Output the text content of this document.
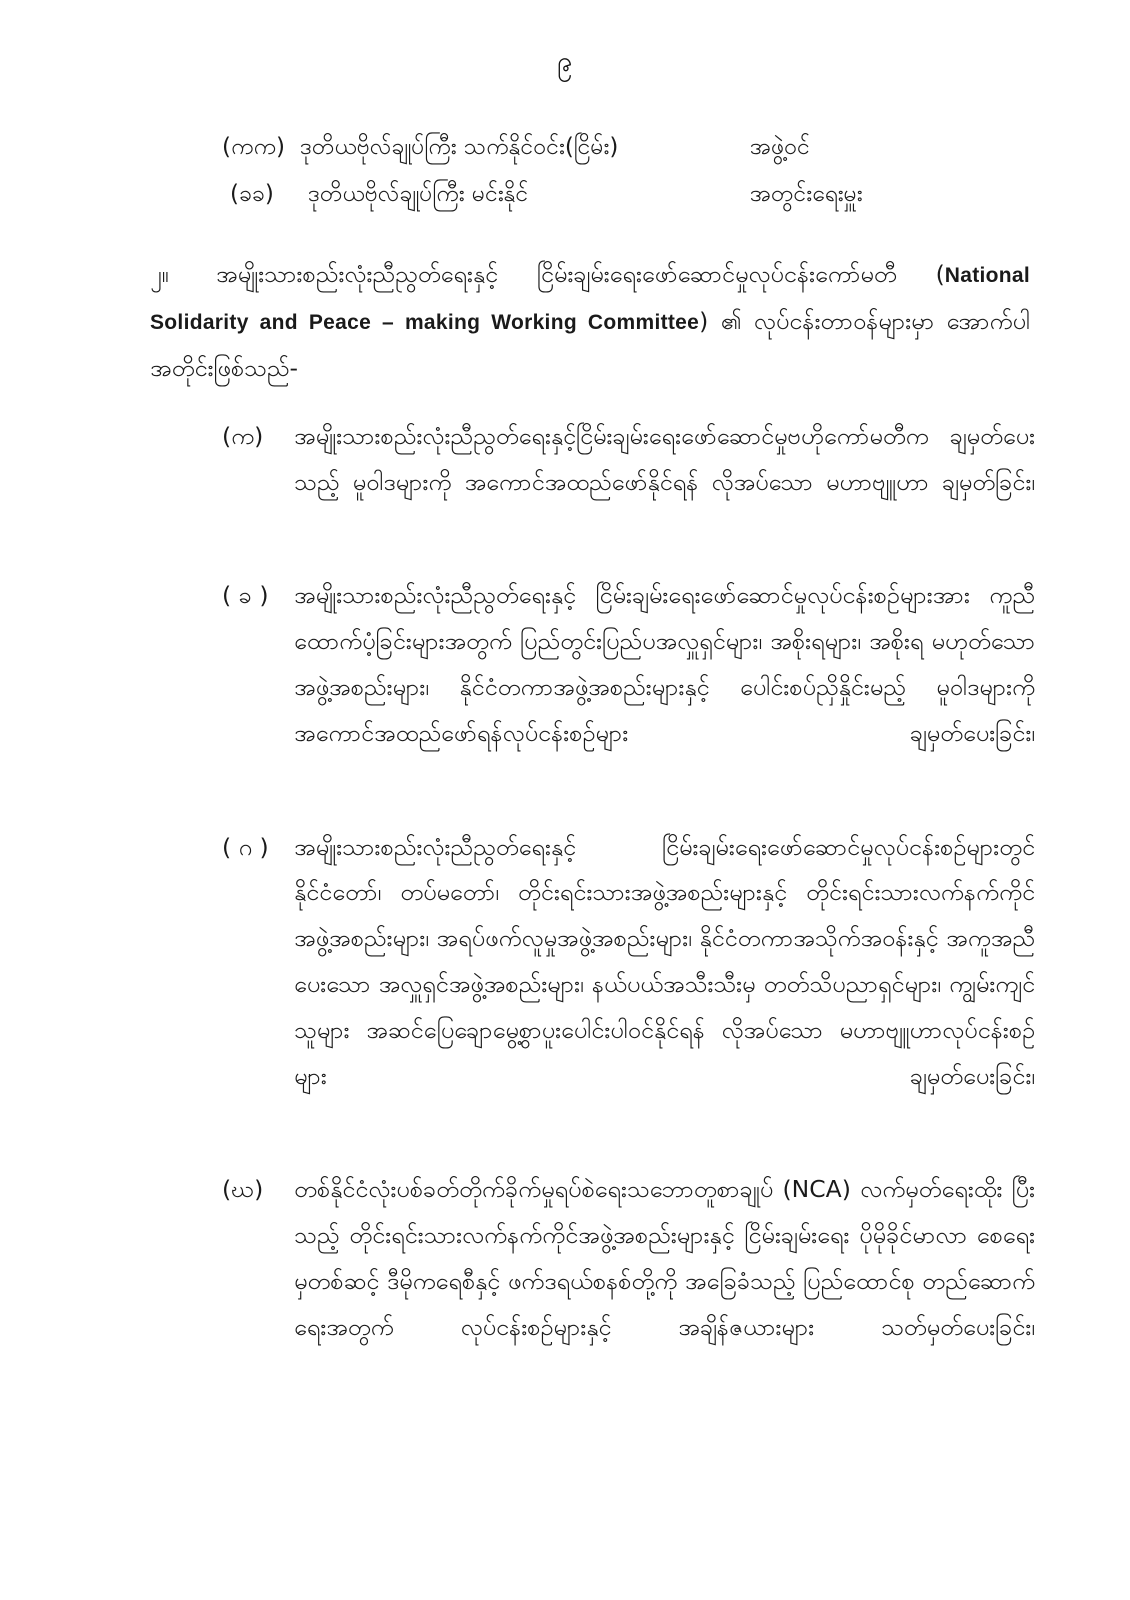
၉
(ကက) ဒုတိယဗိုလ်ချုပ်ကြီး သက်နိုင်ဝင်း(ငြိမ်း)	အဖွဲ့ဝင်
(ခခ)	ဒုတိယဗိုလ်ချုပ်ကြီး မင်းနိုင်	အတွင်းရေးမှူး
၂။ အမျိုးသားစည်းလုံးညီညွတ်ရေးနှင့် ငြိမ်းချမ်းရေးဖော်ဆောင်မှုလုပ်ငန်းကော်မတီ (National Solidarity and Peace – making Working Committee) ၏ လုပ်ငန်းတာဝန်များမှာ အောက်ပါအတိုင်းဖြစ်သည်-
(က)	အမျိုးသားစည်းလုံးညီညွတ်ရေးနှင့်ငြိမ်းချမ်းရေးဖော်ဆောင်မှုဗဟိုကော်မတီက ချမှတ်ပေးသည့် မူဝါဒများကို အကောင်အထည်ဖော်နိုင်ရန် လိုအပ်သော မဟာဗျူဟာ ချမှတ်ခြင်း၊
( ခ )	အမျိုးသားစည်းလုံးညီညွတ်ရေးနှင့် ငြိမ်းချမ်းရေးဖော်ဆောင်မှုလုပ်ငန်းစဉ်များအား ကူညီထောက်ပံ့ခြင်းများအတွက် ပြည်တွင်းပြည်ပအလှူရှင်များ၊ အစိုးရများ၊ အစိုးရ မဟုတ်သောအဖွဲ့အစည်းများ၊ နိုင်ငံတကာအဖွဲ့အစည်းများနှင့် ပေါင်းစပ်ညှိနှိုင်းမည့် မူဝါဒများကို အကောင်အထည်ဖော်ရန်လုပ်ငန်းစဉ်များ ချမှတ်ပေးခြင်း၊
( ဂ )	အမျိုးသားစည်းလုံးညီညွတ်ရေးနှင့် ငြိမ်းချမ်းရေးဖော်ဆောင်မှုလုပ်ငန်းစဉ်များတွင် နိုင်ငံတော်၊ တပ်မတော်၊ တိုင်းရင်းသားအဖွဲ့အစည်းများနှင့် တိုင်းရင်းသားလက်နက်ကိုင် အဖွဲ့အစည်းများ၊ အရပ်ဖက်လူမှုအဖွဲ့အစည်းများ၊ နိုင်ငံတကာအသိုက်အဝန်းနှင့် အကူအညီပေးသော အလှူရှင်အဖွဲ့အစည်းများ၊ နယ်ပယ်အသီးသီးမှ တတ်သိပညာရှင်များ၊ ကျွမ်းကျင်သူများ အဆင်ပြေချောမွေ့စွာပူးပေါင်းပါဝင်နိုင်ရန် လိုအပ်သော မဟာဗျူဟာလုပ်ငန်းစဉ်များ ချမှတ်ပေးခြင်း၊
(ဃ)	တစ်နိုင်ငံလုံးပစ်ခတ်တိုက်ခိုက်မှုရပ်စဲရေးသဘောတူစာချုပ် (NCA) လက်မှတ်ရေးထိုး ပြီးသည့် တိုင်းရင်းသားလက်နက်ကိုင်အဖွဲ့အစည်းများနှင့် ငြိမ်းချမ်းရေး ပိုမိုခိုင်မာလာ စေရေးမှတစ်ဆင့် ဒီမိုကရေစီနှင့် ဖက်ဒရယ်စနစ်တို့ကို အခြေခံသည့် ပြည်ထောင်စု တည်ဆောက်ရေးအတွက် လုပ်ငန်းစဉ်များနှင့် အချိန်ဇယားများ သတ်မှတ်ပေးခြင်း၊
